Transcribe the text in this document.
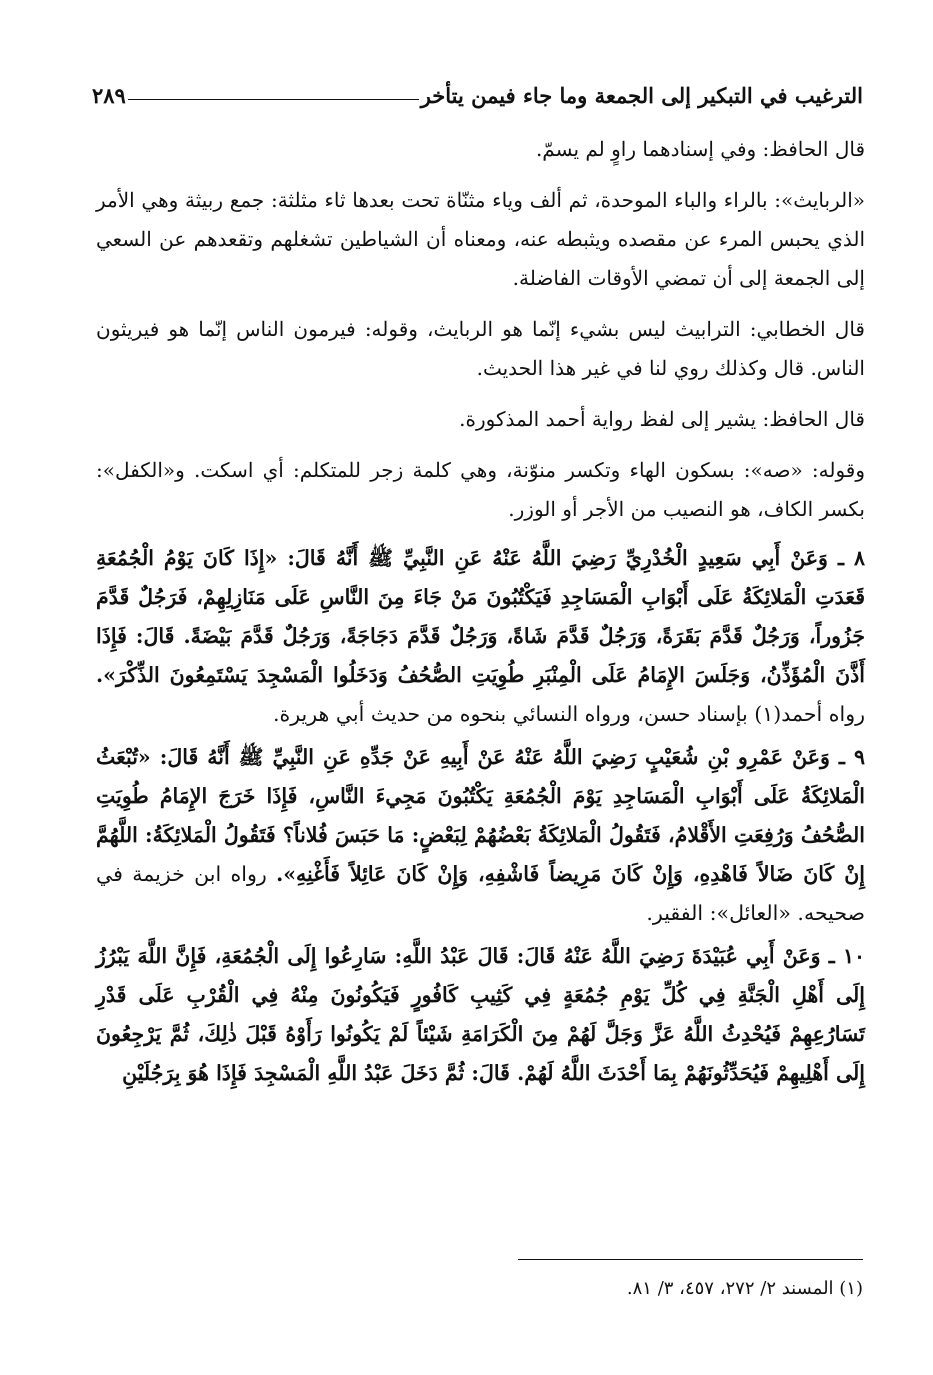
الترغيب في التبكير إلى الجمعة وما جاء فيمن يتأخر
٢٨٩

قال الحافظ: وفي إسنادهما راوٍ لم يسمّ.

«الربايث»: بالراء والباء الموحدة، ثم ألف وياء مثنّاة تحت بعدها ثاء مثلثة: جمع ربيثة وهي الأمر الذي يحبس المرء عن مقصده ويثبطه عنه، ومعناه أن الشياطين تشغلهم وتقعدهم عن السعي إلى الجمعة إلى أن تمضي الأوقات الفاضلة.

قال الخطابي: الترابيث ليس بشيء إنّما هو الربايث، وقوله: فيرمون الناس إنّما هو فيريثون الناس. قال وكذلك روي لنا في غير هذا الحديث.

قال الحافظ: يشير إلى لفظ رواية أحمد المذكورة.

وقوله: «صه»: بسكون الهاء وتكسر منوّنة، وهي كلمة زجر للمتكلم: أي اسكت. و«الكفل»: بكسر الكاف، هو النصيب من الأجر أو الوزر.

٨ ـ وَعَنْ أَبِي سَعِيدٍ الْخُدْرِيِّ رَضِيَ اللَّهُ عَنْهُ عَنِ النَّبِيِّ ﷺ أَنَّهُ قَالَ: «إِذَا كَانَ يَوْمُ الْجُمُعَةِ قَعَدَتِ الْمَلائِكَةُ عَلَى أَبْوَابِ الْمَسَاجِدِ فَيَكْتُبُونَ مَنْ جَاءَ مِنَ النَّاسِ عَلَى مَنَازِلِهِمْ، فَرَجُلٌ قَدَّمَ جَزُوراً، وَرَجُلٌ قَدَّمَ بَقَرَةً، وَرَجُلٌ قَدَّمَ شَاةً، وَرَجُلٌ قَدَّمَ دَجَاجَةً، وَرَجُلٌ قَدَّمَ بَيْضَةً. قَالَ: فَإِذَا أَذَّنَ الْمُؤَذِّنُ، وَجَلَسَ الإِمَامُ عَلَى الْمِنْبَرِ طُوِيَتِ الصُّحُفُ وَدَخَلُوا الْمَسْجِدَ يَسْتَمِعُونَ الذِّكْرَ». رواه أحمد(١) بإسناد حسن، ورواه النسائي بنحوه من حديث أبي هريرة.

٩ ـ وَعَنْ عَمْرِو بْنِ شُعَيْبٍ رَضِيَ اللَّهُ عَنْهُ عَنْ أَبِيهِ عَنْ جَدِّهِ عَنِ النَّبِيِّ ﷺ أَنَّهُ قَالَ: «تُبْعَثُ الْمَلائِكَةُ عَلَى أَبْوَابِ الْمَسَاجِدِ يَوْمَ الْجُمُعَةِ يَكْتُبُونَ مَجِيءَ النَّاسِ، فَإِذَا خَرَجَ الإِمَامُ طُوِيَتِ الصُّحُفُ وَرُفِعَتِ الأَقْلامُ، فَتَقُولُ الْمَلائِكَةُ بَعْضُهُمْ لِبَعْضٍ: مَا حَبَسَ فُلاناً؟ فَتَقُولُ الْمَلائِكَةُ: اللَّهُمَّ إِنْ كَانَ ضَالاً فَاهْدِهِ، وَإِنْ كَانَ مَرِيضاً فَاشْفِهِ، وَإِنْ كَانَ عَائِلاً فَأَغْنِهِ». رواه ابن خزيمة في صحيحه. «العائل»: الفقير.

١٠ ـ وَعَنْ أَبِي عُبَيْدَةَ رَضِيَ اللَّهُ عَنْهُ قَالَ: قَالَ عَبْدُ اللَّهِ: سَارِعُوا إِلَى الْجُمُعَةِ، فَإِنَّ اللَّهَ يَبْرُزُ إِلَى أَهْلِ الْجَنَّةِ فِي كُلِّ يَوْمِ جُمُعَةٍ فِي كَثِيبِ كَافُورٍ فَيَكُونُونَ مِنْهُ فِي الْقُرْبِ عَلَى قَدْرِ تَسَارُعِهِمْ فَيُحْدِثُ اللَّهُ عَزَّ وَجَلَّ لَهُمْ مِنَ الْكَرَامَةِ شَيْئاً لَمْ يَكُونُوا رَأَوْهُ قَبْلَ ذٰلِكَ، ثُمَّ يَرْجِعُونَ إِلَى أَهْلِيهِمْ فَيُحَدِّثُونَهُمْ بِمَا أَحْدَثَ اللَّهُ لَهُمْ. قَالَ: ثُمَّ دَخَلَ عَبْدُ اللَّهِ الْمَسْجِدَ فَإِذَا هُوَ بِرَجُلَيْنِ

(١) المسند ٢/ ٢٧٢، ٤٥٧، ٣/ ٨١.
